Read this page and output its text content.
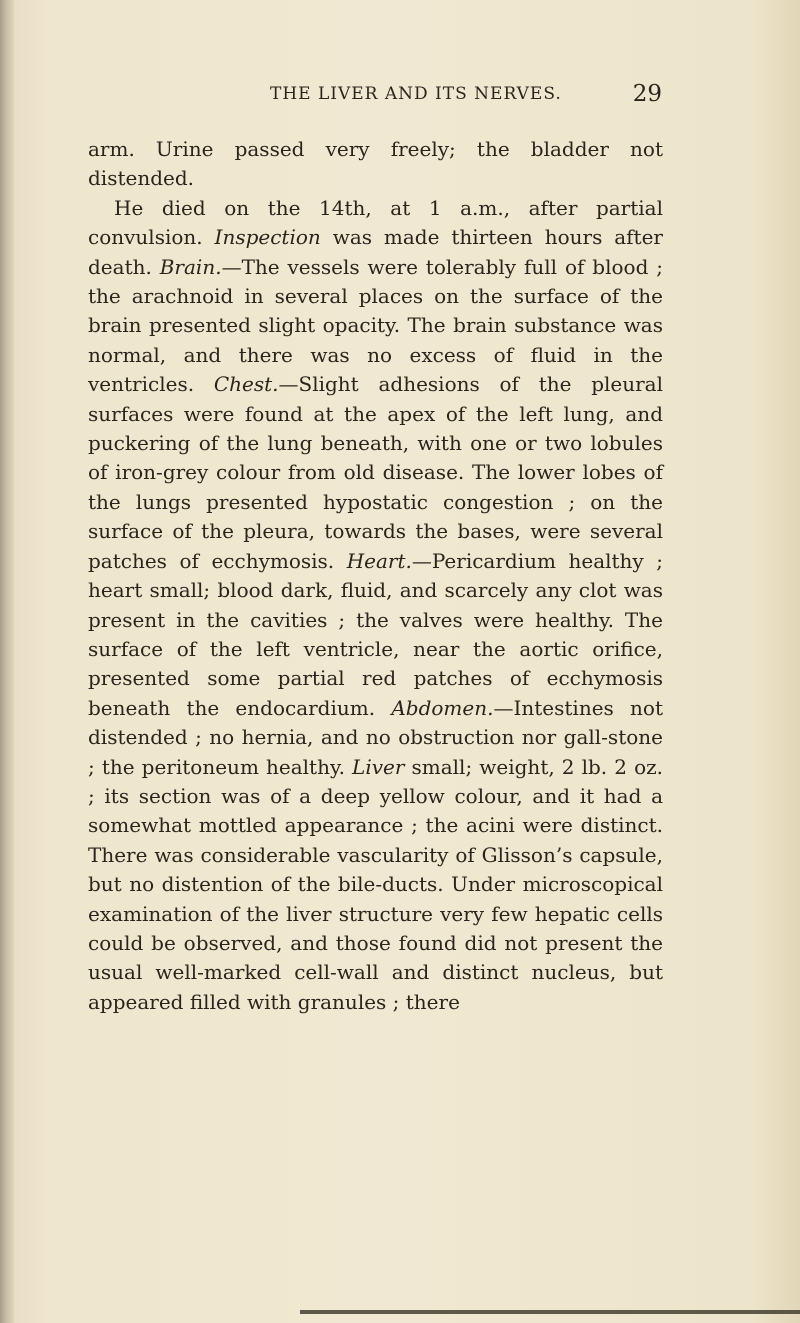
THE LIVER AND ITS NERVES.	29

arm. Urine passed very freely; the bladder not distended.

He died on the 14th, at 1 a.m., after partial convulsion. Inspection was made thirteen hours after death. Brain.—The vessels were tolerably full of blood ; the arachnoid in several places on the surface of the brain presented slight opacity. The brain substance was normal, and there was no excess of fluid in the ventricles. Chest.—Slight adhesions of the pleural surfaces were found at the apex of the left lung, and puckering of the lung beneath, with one or two lobules of iron-grey colour from old disease. The lower lobes of the lungs presented hypostatic congestion ; on the surface of the pleura, towards the bases, were several patches of ecchymosis. Heart.—Pericardium healthy ; heart small; blood dark, fluid, and scarcely any clot was present in the cavities ; the valves were healthy. The surface of the left ventricle, near the aortic orifice, presented some partial red patches of ecchymosis beneath the endocardium. Abdomen.—Intestines not distended ; no hernia, and no obstruction nor gall-stone ; the peritoneum healthy. Liver small; weight, 2 lb. 2 oz. ; its section was of a deep yellow colour, and it had a somewhat mottled appearance ; the acini were distinct. There was considerable vascularity of Glisson’s capsule, but no distention of the bile-ducts. Under microscopical examination of the liver structure very few hepatic cells could be observed, and those found did not present the usual well-marked cell-wall and distinct nucleus, but appeared filled with granules ; there
